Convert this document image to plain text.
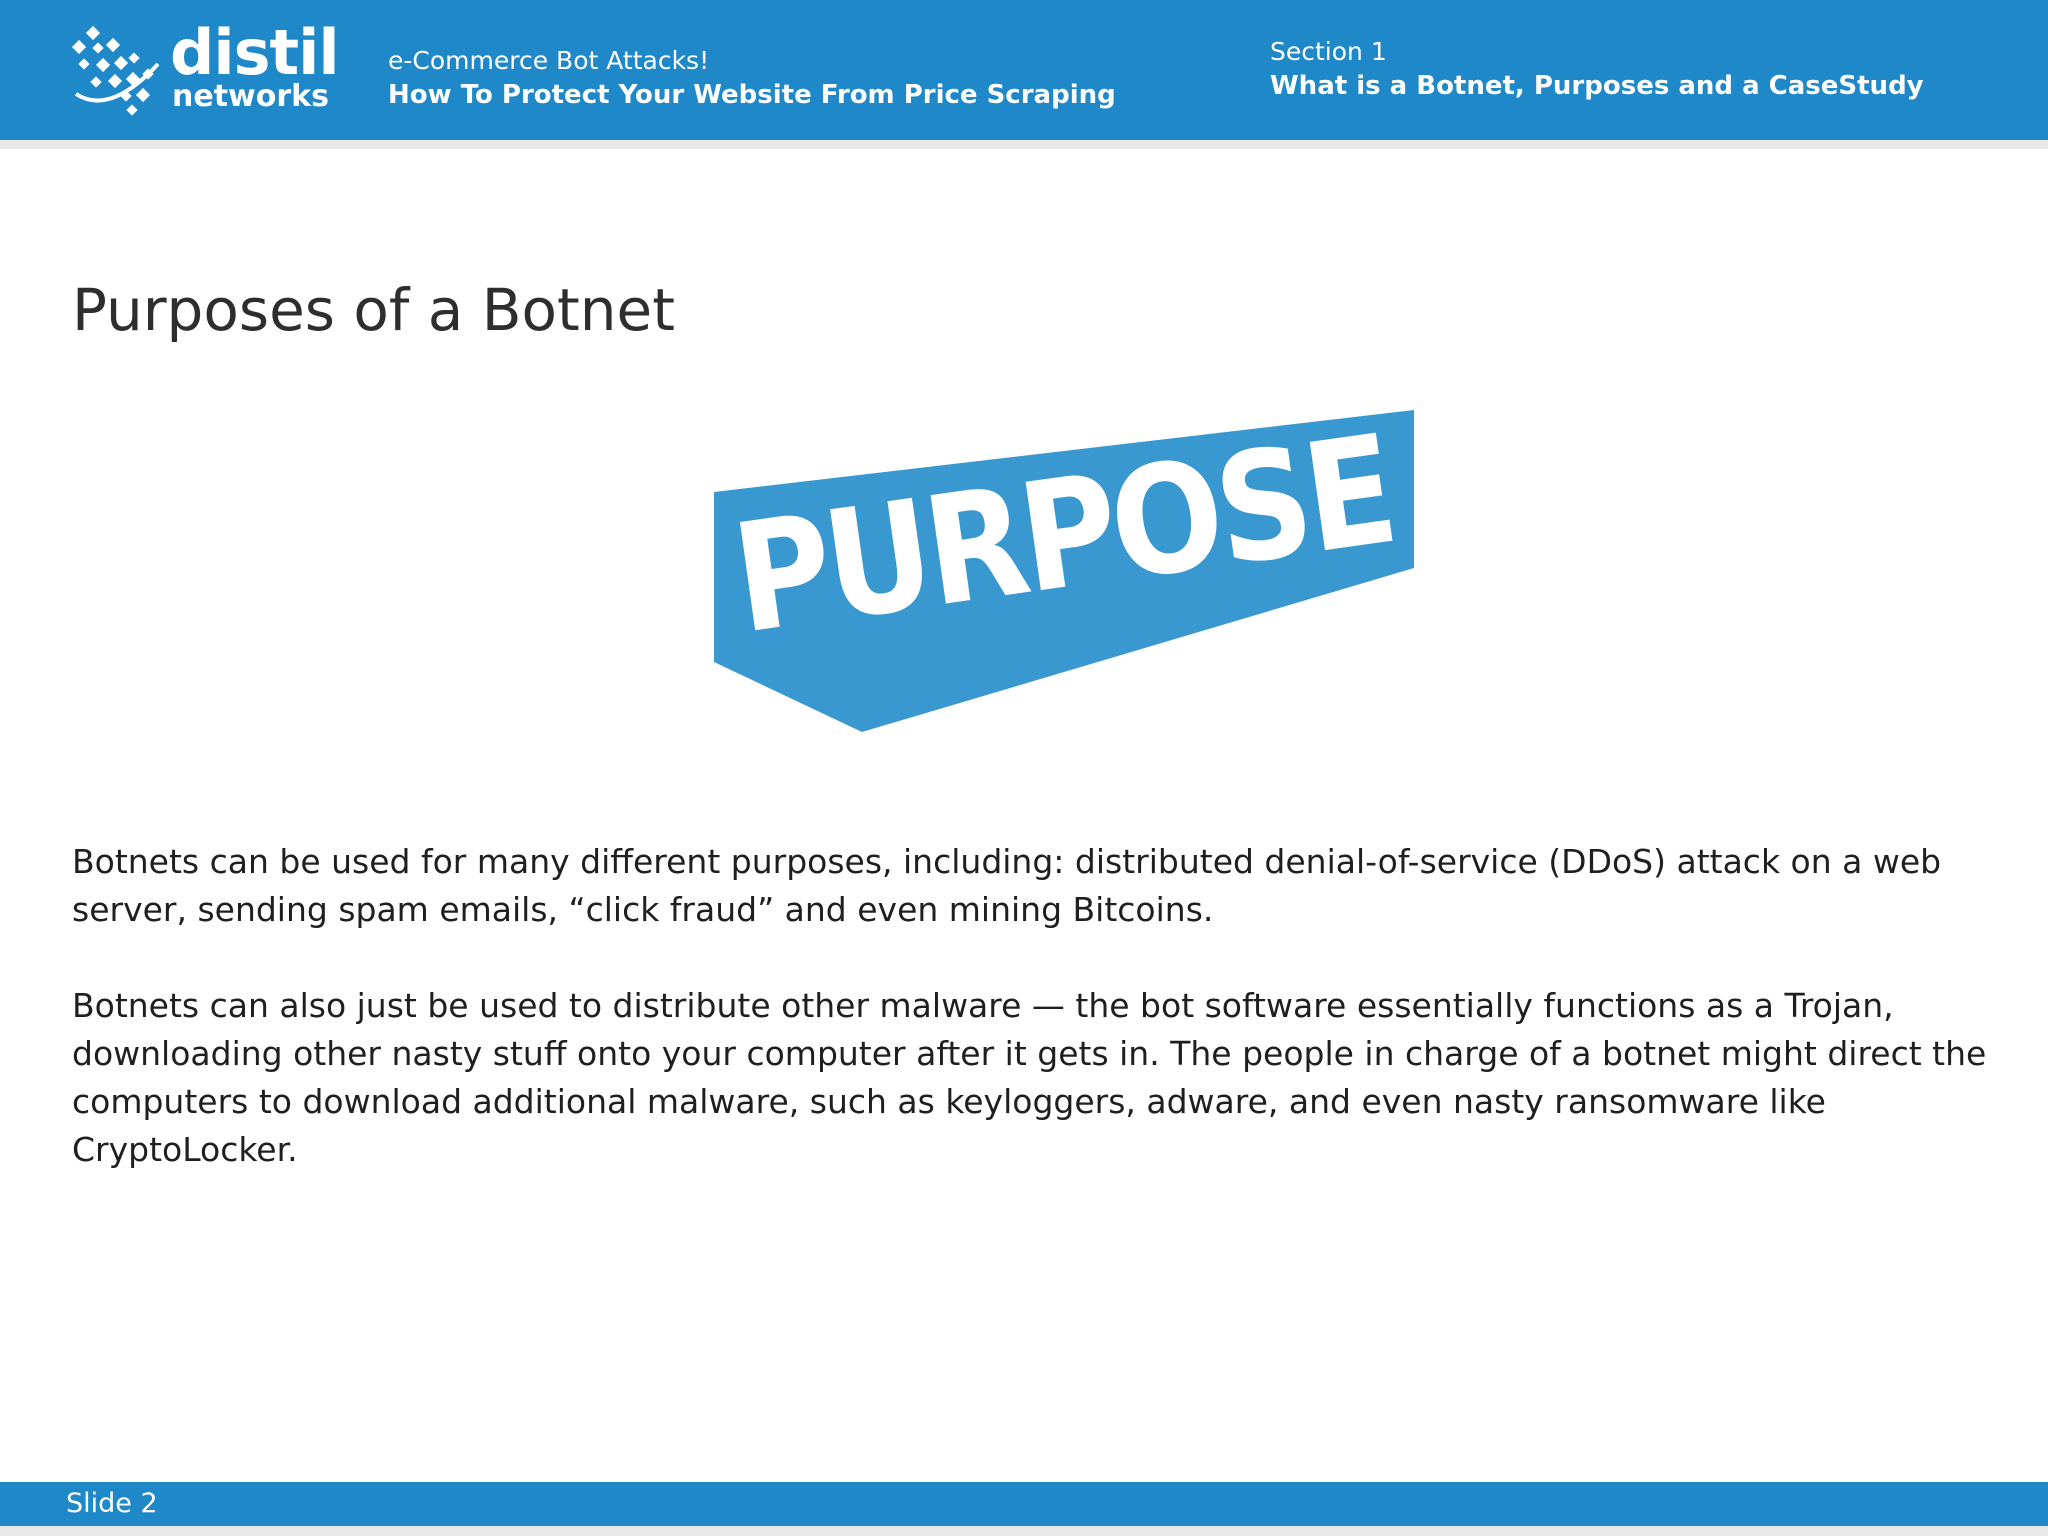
distil
networks
e-Commerce Bot Attacks!
How To Protect Your Website From Price Scraping
Section 1
What is a Botnet, Purposes and a CaseStudy
Purposes of a Botnet
PURPOSE

Botnets can be used for many different purposes, including: distributed denial-of-service (DDoS) attack on a web server, sending spam emails, “click fraud” and even mining Bitcoins.

Botnets can also just be used to distribute other malware — the bot software essentially functions as a Trojan, downloading other nasty stuff onto your computer after it gets in. The people in charge of a botnet might direct the computers to download additional malware, such as keyloggers, adware, and even nasty ransomware like CryptoLocker.

Slide 2
